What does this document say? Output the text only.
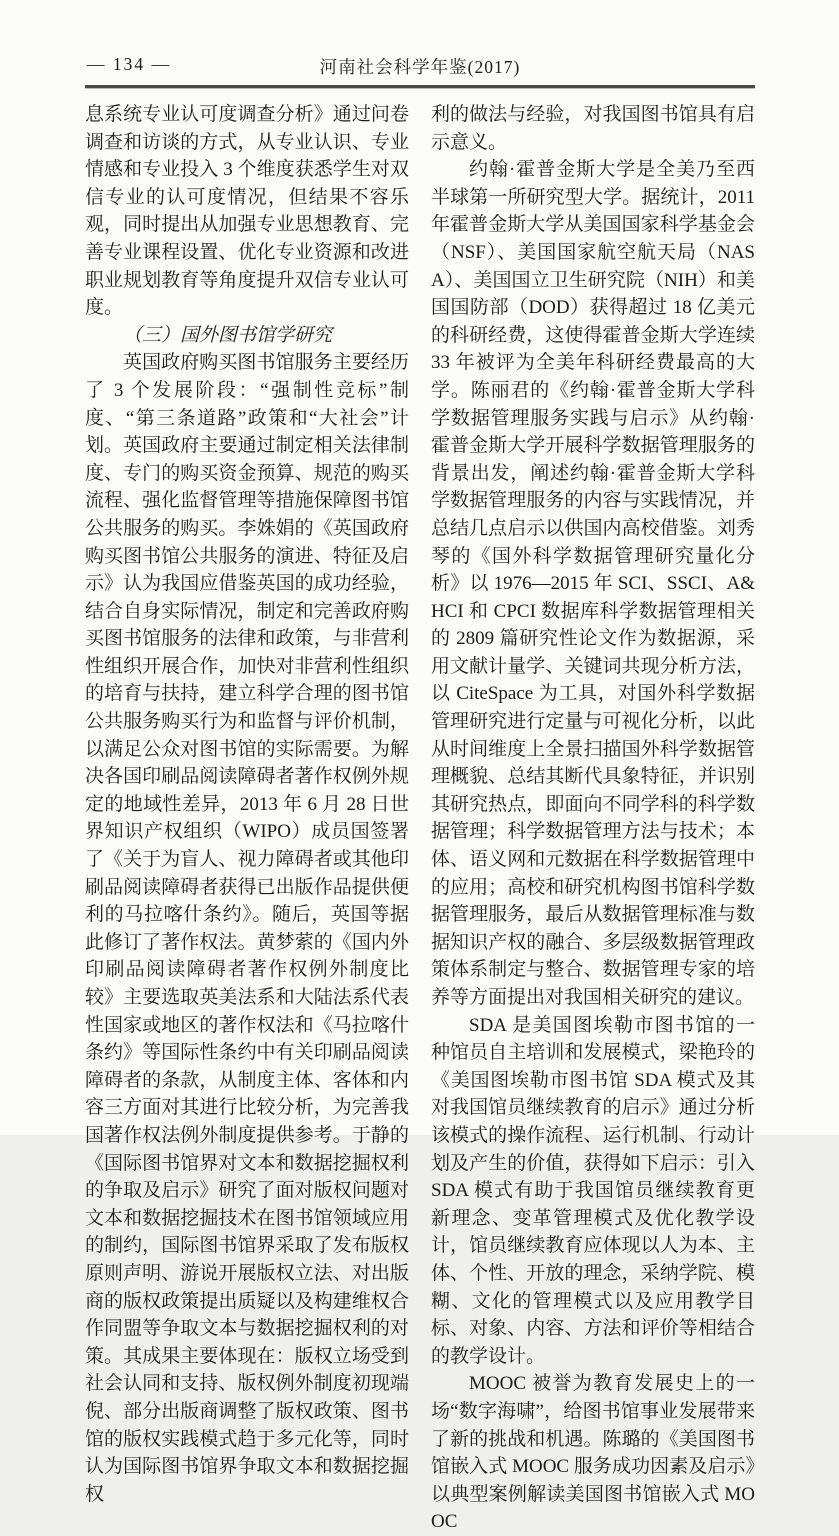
— 134 —	河南社会科学年鉴(2017)

息系统专业认可度调查分析》通过问卷调查和访谈的方式，从专业认识、专业情感和专业投入 3 个维度获悉学生对双信专业的认可度情况，但结果不容乐观，同时提出从加强专业思想教育、完善专业课程设置、优化专业资源和改进职业规划教育等角度提升双信专业认可度。

（三）国外图书馆学研究

英国政府购买图书馆服务主要经历了 3 个发展阶段：“强制性竞标”制度、“第三条道路”政策和“大社会”计划。英国政府主要通过制定相关法律制度、专门的购买资金预算、规范的购买流程、强化监督管理等措施保障图书馆公共服务的购买。李姝娟的《英国政府购买图书馆公共服务的演进、特征及启示》认为我国应借鉴英国的成功经验，结合自身实际情况，制定和完善政府购买图书馆服务的法律和政策，与非营利性组织开展合作，加快对非营利性组织的培育与扶持，建立科学合理的图书馆公共服务购买行为和监督与评价机制，以满足公众对图书馆的实际需要。为解决各国印刷品阅读障碍者著作权例外规定的地域性差异，2013 年 6 月 28 日世界知识产权组织（WIPO）成员国签署了《关于为盲人、视力障碍者或其他印刷品阅读障碍者获得已出版作品提供便利的马拉喀什条约》。随后，英国等据此修订了著作权法。黄梦萦的《国内外印刷品阅读障碍者著作权例外制度比较》主要选取英美法系和大陆法系代表性国家或地区的著作权法和《马拉喀什条约》等国际性条约中有关印刷品阅读障碍者的条款，从制度主体、客体和内容三方面对其进行比较分析，为完善我国著作权法例外制度提供参考。于静的《国际图书馆界对文本和数据挖掘权利的争取及启示》研究了面对版权问题对文本和数据挖掘技术在图书馆领域应用的制约，国际图书馆界采取了发布版权原则声明、游说开展版权立法、对出版商的版权政策提出质疑以及构建维权合作同盟等争取文本与数据挖掘权利的对策。其成果主要体现在：版权立场受到社会认同和支持、版权例外制度初现端倪、部分出版商调整了版权政策、图书馆的版权实践模式趋于多元化等，同时认为国际图书馆界争取文本和数据挖掘权

利的做法与经验，对我国图书馆具有启示意义。

约翰·霍普金斯大学是全美乃至西半球第一所研究型大学。据统计，2011 年霍普金斯大学从美国国家科学基金会（NSF）、美国国家航空航天局（NASA）、美国国立卫生研究院（NIH）和美国国防部（DOD）获得超过 18 亿美元的科研经费，这使得霍普金斯大学连续 33 年被评为全美年科研经费最高的大学。陈丽君的《约翰·霍普金斯大学科学数据管理服务实践与启示》从约翰·霍普金斯大学开展科学数据管理服务的背景出发，阐述约翰·霍普金斯大学科学数据管理服务的内容与实践情况，并总结几点启示以供国内高校借鉴。刘秀琴的《国外科学数据管理研究量化分析》以 1976—2015 年 SCI、SSCI、A&HCI 和 CPCI 数据库科学数据管理相关的 2809 篇研究性论文作为数据源，采用文献计量学、关键词共现分析方法，以 CiteSpace 为工具，对国外科学数据管理研究进行定量与可视化分析，以此从时间维度上全景扫描国外科学数据管理概貌、总结其断代具象特征，并识别其研究热点，即面向不同学科的科学数据管理；科学数据管理方法与技术；本体、语义网和元数据在科学数据管理中的应用；高校和研究机构图书馆科学数据管理服务，最后从数据管理标准与数据知识产权的融合、多层级数据管理政策体系制定与整合、数据管理专家的培养等方面提出对我国相关研究的建议。

SDA 是美国图埃勒市图书馆的一种馆员自主培训和发展模式，梁艳玲的《美国图埃勒市图书馆 SDA 模式及其对我国馆员继续教育的启示》通过分析该模式的操作流程、运行机制、行动计划及产生的价值，获得如下启示：引入 SDA 模式有助于我国馆员继续教育更新理念、变革管理模式及优化教学设计，馆员继续教育应体现以人为本、主体、个性、开放的理念，采纳学院、模糊、文化的管理模式以及应用教学目标、对象、内容、方法和评价等相结合的教学设计。

MOOC 被誉为教育发展史上的一场“数字海啸”，给图书馆事业发展带来了新的挑战和机遇。陈璐的《美国图书馆嵌入式 MOOC 服务成功因素及启示》以典型案例解读美国图书馆嵌入式 MOOC
